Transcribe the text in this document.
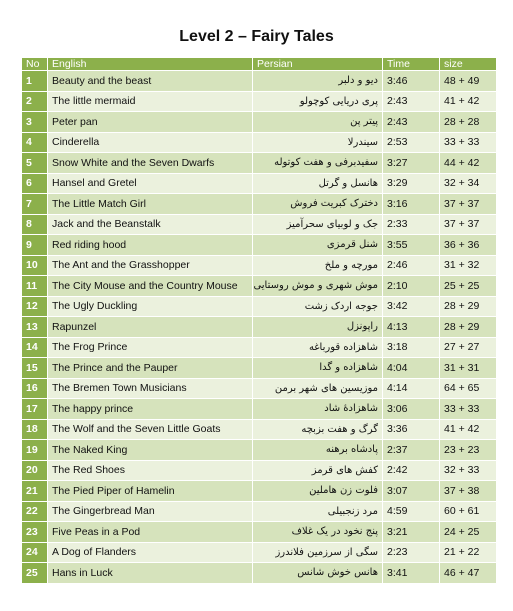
Level 2 – Fairy Tales
No	English	Persian	Time	size
1	Beauty and the beast	دیو و دلبر	3:46	48 + 49
2	The little mermaid	پری دریایی کوچولو	2:43	41 + 42
3	Peter pan	پیتر پن	2:43	28 + 28
4	Cinderella	سیندرلا	2:53	33 + 33
5	Snow White and the Seven Dwarfs	سفیدبرفی و هفت کوتوله	3:27	44 + 42
6	Hansel and Gretel	هانسل و گرتل	3:29	32 + 34
7	The Little Match Girl	دخترک کبریت فروش	3:16	37 + 37
8	Jack and the Beanstalk	جک و لوبیای سحرآمیز	2:33	37 + 37
9	Red riding hood	شنل قرمزی	3:55	36 + 36
10	The Ant and the Grasshopper	مورچه و ملخ	2:46	31 + 32
11	The City Mouse and the Country Mouse	موش شهری و موش روستایی	2:10	25 + 25
12	The Ugly Duckling	جوجه اردک زشت	3:42	28 + 29
13	Rapunzel	راپونزل	4:13	28 + 29
14	The Frog Prince	شاهزاده قورباغه	3:18	27 + 27
15	The Prince and the Pauper	شاهزاده و گدا	4:04	31 + 31
16	The Bremen Town Musicians	موزیسین های شهر برمن	4:14	64 + 65
17	The happy prince	شاهزادهٔ شاد	3:06	33 + 33
18	The Wolf and the Seven Little Goats	گرگ و هفت بزبچه	3:36	41 + 42
19	The Naked King	پادشاه برهنه	2:37	23 + 23
20	The Red Shoes	کفش های قرمز	2:42	32 + 33
21	The Pied Piper of Hamelin	فلوت زن هاملین	3:07	37 + 38
22	The Gingerbread Man	مرد زنجبیلی	4:59	60 + 61
23	Five Peas in a Pod	پنج نخود در یک غلاف	3:21	24 + 25
24	A Dog of Flanders	سگی از سرزمین فلاندرز	2:23	21 + 22
25	Hans in Luck	هانس خوش شانس	3:41	46 + 47
